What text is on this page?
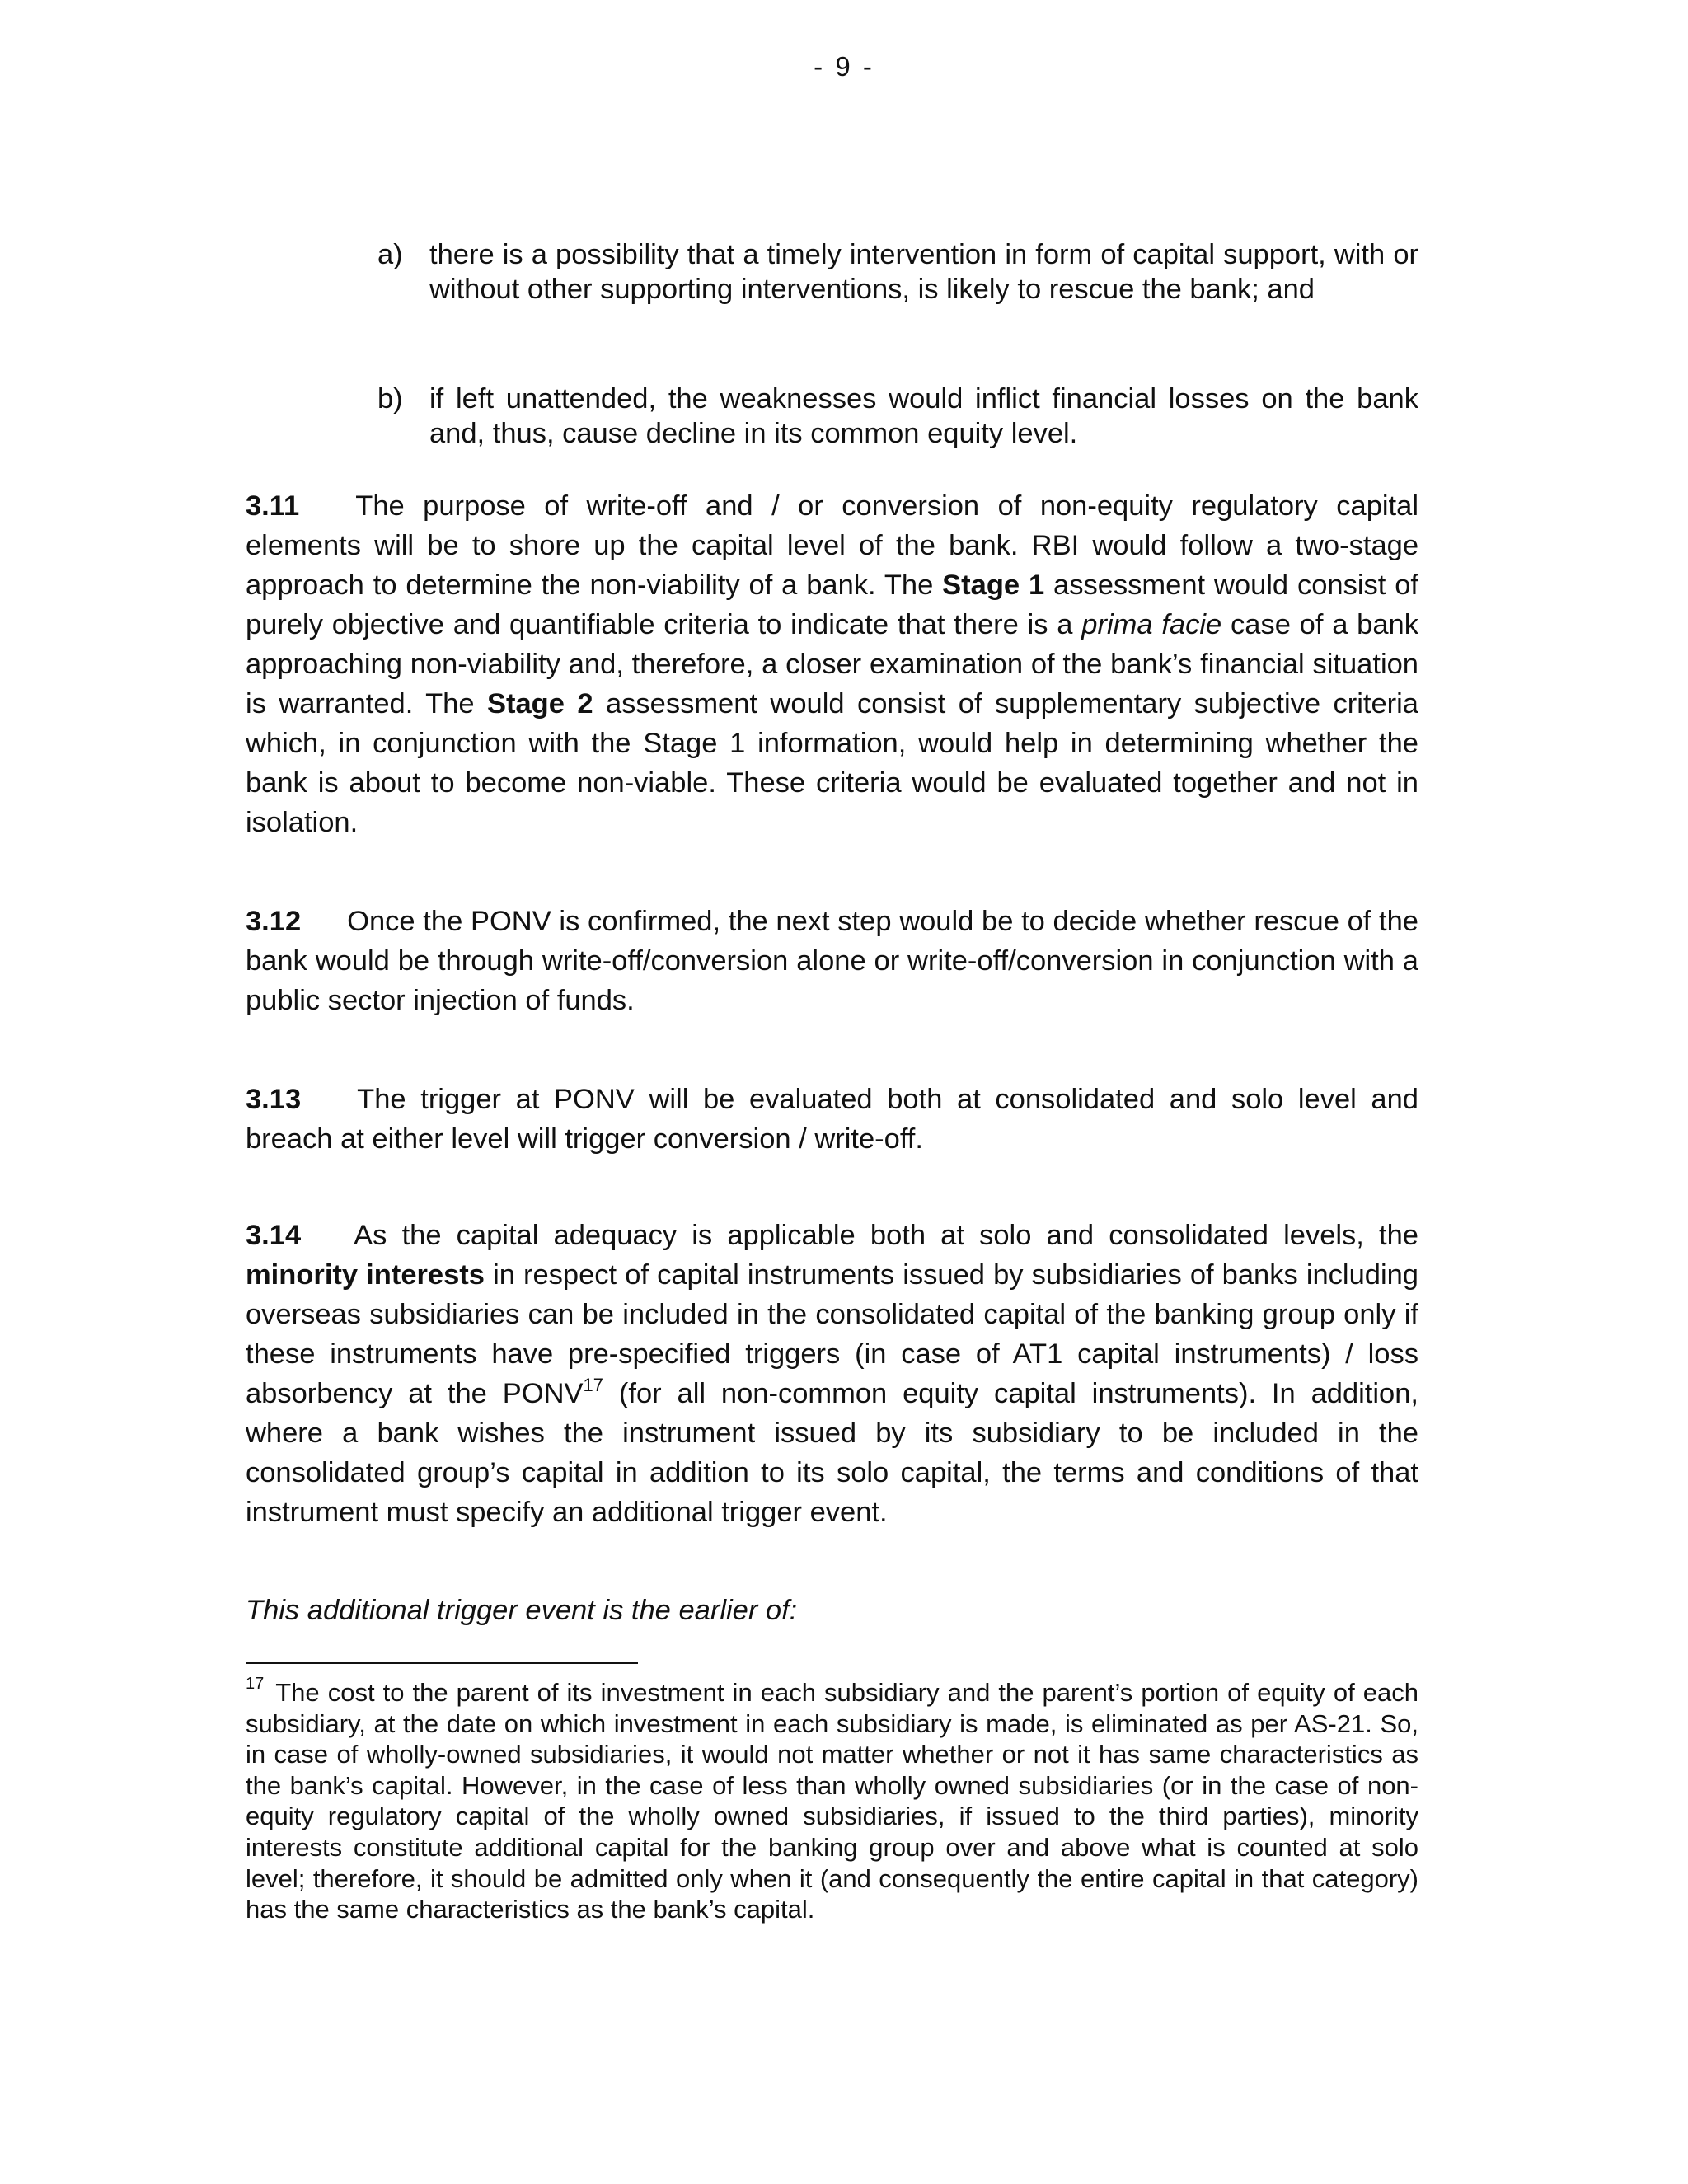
- 9 -
a) there is a possibility that a timely intervention in form of capital support, with or without other supporting interventions, is likely to rescue the bank; and
b) if left unattended, the weaknesses would inflict financial losses on the bank and, thus, cause decline in its common equity level.
3.11 The purpose of write-off and / or conversion of non-equity regulatory capital elements will be to shore up the capital level of the bank. RBI would follow a two-stage approach to determine the non-viability of a bank. The Stage 1 assessment would consist of purely objective and quantifiable criteria to indicate that there is a prima facie case of a bank approaching non-viability and, therefore, a closer examination of the bank’s financial situation is warranted. The Stage 2 assessment would consist of supplementary subjective criteria which, in conjunction with the Stage 1 information, would help in determining whether the bank is about to become non-viable. These criteria would be evaluated together and not in isolation.
3.12 Once the PONV is confirmed, the next step would be to decide whether rescue of the bank would be through write-off/conversion alone or write-off/conversion in conjunction with a public sector injection of funds.
3.13 The trigger at PONV will be evaluated both at consolidated and solo level and breach at either level will trigger conversion / write-off.
3.14 As the capital adequacy is applicable both at solo and consolidated levels, the minority interests in respect of capital instruments issued by subsidiaries of banks including overseas subsidiaries can be included in the consolidated capital of the banking group only if these instruments have pre-specified triggers (in case of AT1 capital instruments) / loss absorbency at the PONV$^{17}$ (for all non-common equity capital instruments). In addition, where a bank wishes the instrument issued by its subsidiary to be included in the consolidated group’s capital in addition to its solo capital, the terms and conditions of that instrument must specify an additional trigger event.
This additional trigger event is the earlier of:
$^{17}$ The cost to the parent of its investment in each subsidiary and the parent’s portion of equity of each subsidiary, at the date on which investment in each subsidiary is made, is eliminated as per AS-21. So, in case of wholly-owned subsidiaries, it would not matter whether or not it has same characteristics as the bank’s capital. However, in the case of less than wholly owned subsidiaries (or in the case of non-equity regulatory capital of the wholly owned subsidiaries, if issued to the third parties), minority interests constitute additional capital for the banking group over and above what is counted at solo level; therefore, it should be admitted only when it (and consequently the entire capital in that category) has the same characteristics as the bank’s capital.
